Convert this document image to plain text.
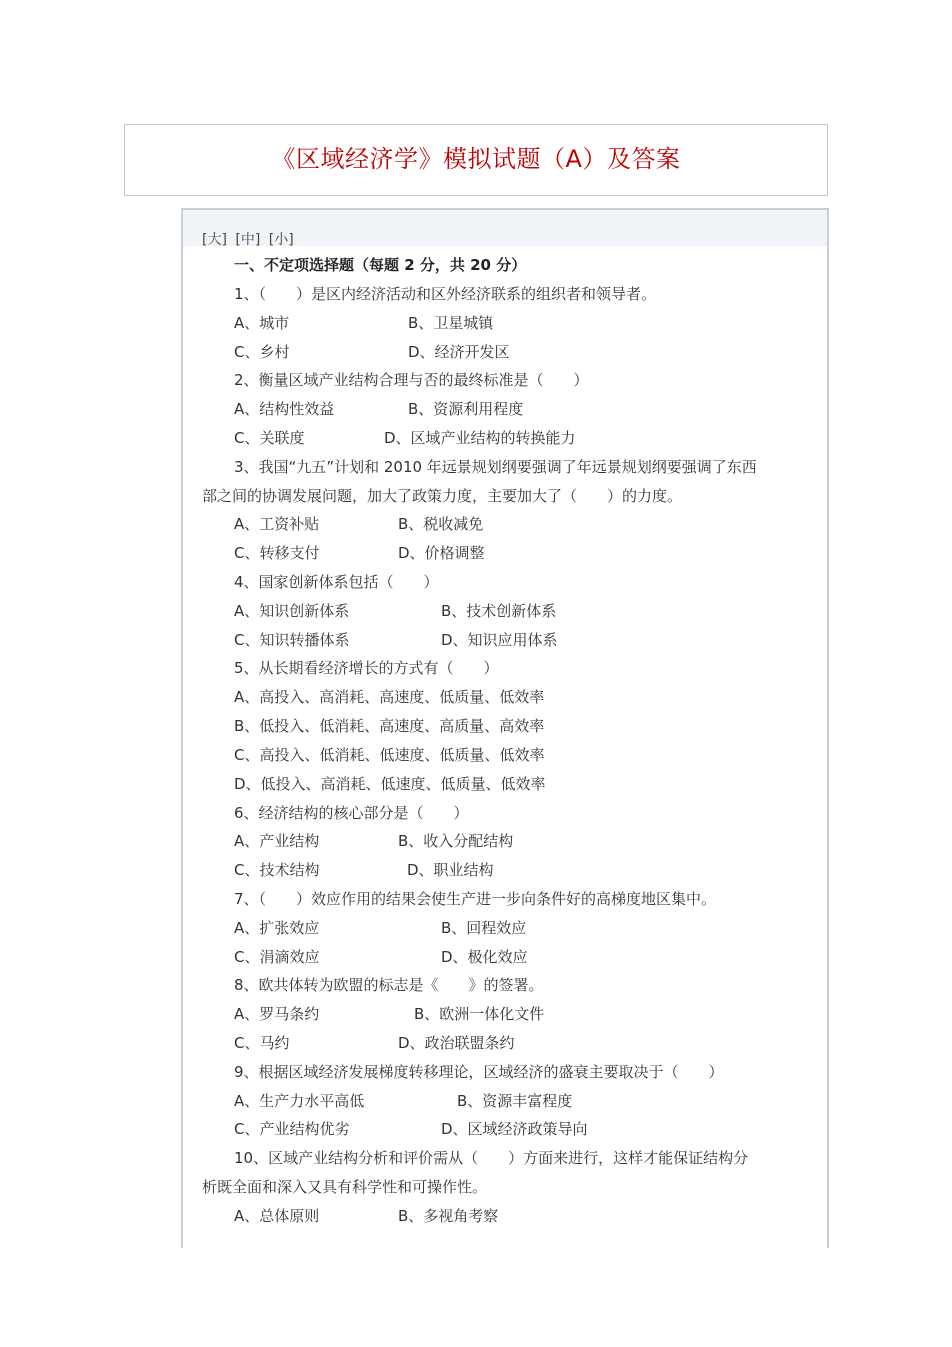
《区域经济学》模拟试题（A）及答案
[大] [中] [小]
一、不定项选择题（每题 2 分，共 20 分）
1、（　　）是区内经济活动和区外经济联系的组织者和领导者。
A、城市	B、卫星城镇
C、乡村	D、经济开发区
2、衡量区域产业结构合理与否的最终标准是（　　）
A、结构性效益	B、资源利用程度
C、关联度	D、区域产业结构的转换能力
3、我国“九五”计划和 2010 年远景规划纲要强调了年远景规划纲要强调了东西
部之间的协调发展问题，加大了政策力度，主要加大了（　　）的力度。
A、工资补贴	B、税收减免
C、转移支付	D、价格调整
4、国家创新体系包括（　　）
A、知识创新体系	B、技术创新体系
C、知识转播体系	D、知识应用体系
5、从长期看经济增长的方式有（　　）
A、高投入、高消耗、高速度、低质量、低效率
B、低投入、低消耗、高速度、高质量、高效率
C、高投入、低消耗、低速度、低质量、低效率
D、低投入、高消耗、低速度、低质量、低效率
6、经济结构的核心部分是（　　）
A、产业结构	B、收入分配结构
C、技术结构	D、职业结构
7、（　　）效应作用的结果会使生产进一步向条件好的高梯度地区集中。
A、扩张效应	B、回程效应
C、涓滴效应	D、极化效应
8、欧共体转为欧盟的标志是《　　》的签署。
A、罗马条约	B、欧洲一体化文件
C、马约	D、政治联盟条约
9、根据区域经济发展梯度转移理论，区域经济的盛衰主要取决于（　　）
A、生产力水平高低	B、资源丰富程度
C、产业结构优劣	D、区域经济政策导向
10、区域产业结构分析和评价需从（　　）方面来进行，这样才能保证结构分
析既全面和深入又具有科学性和可操作性。
A、总体原则	B、多视角考察
